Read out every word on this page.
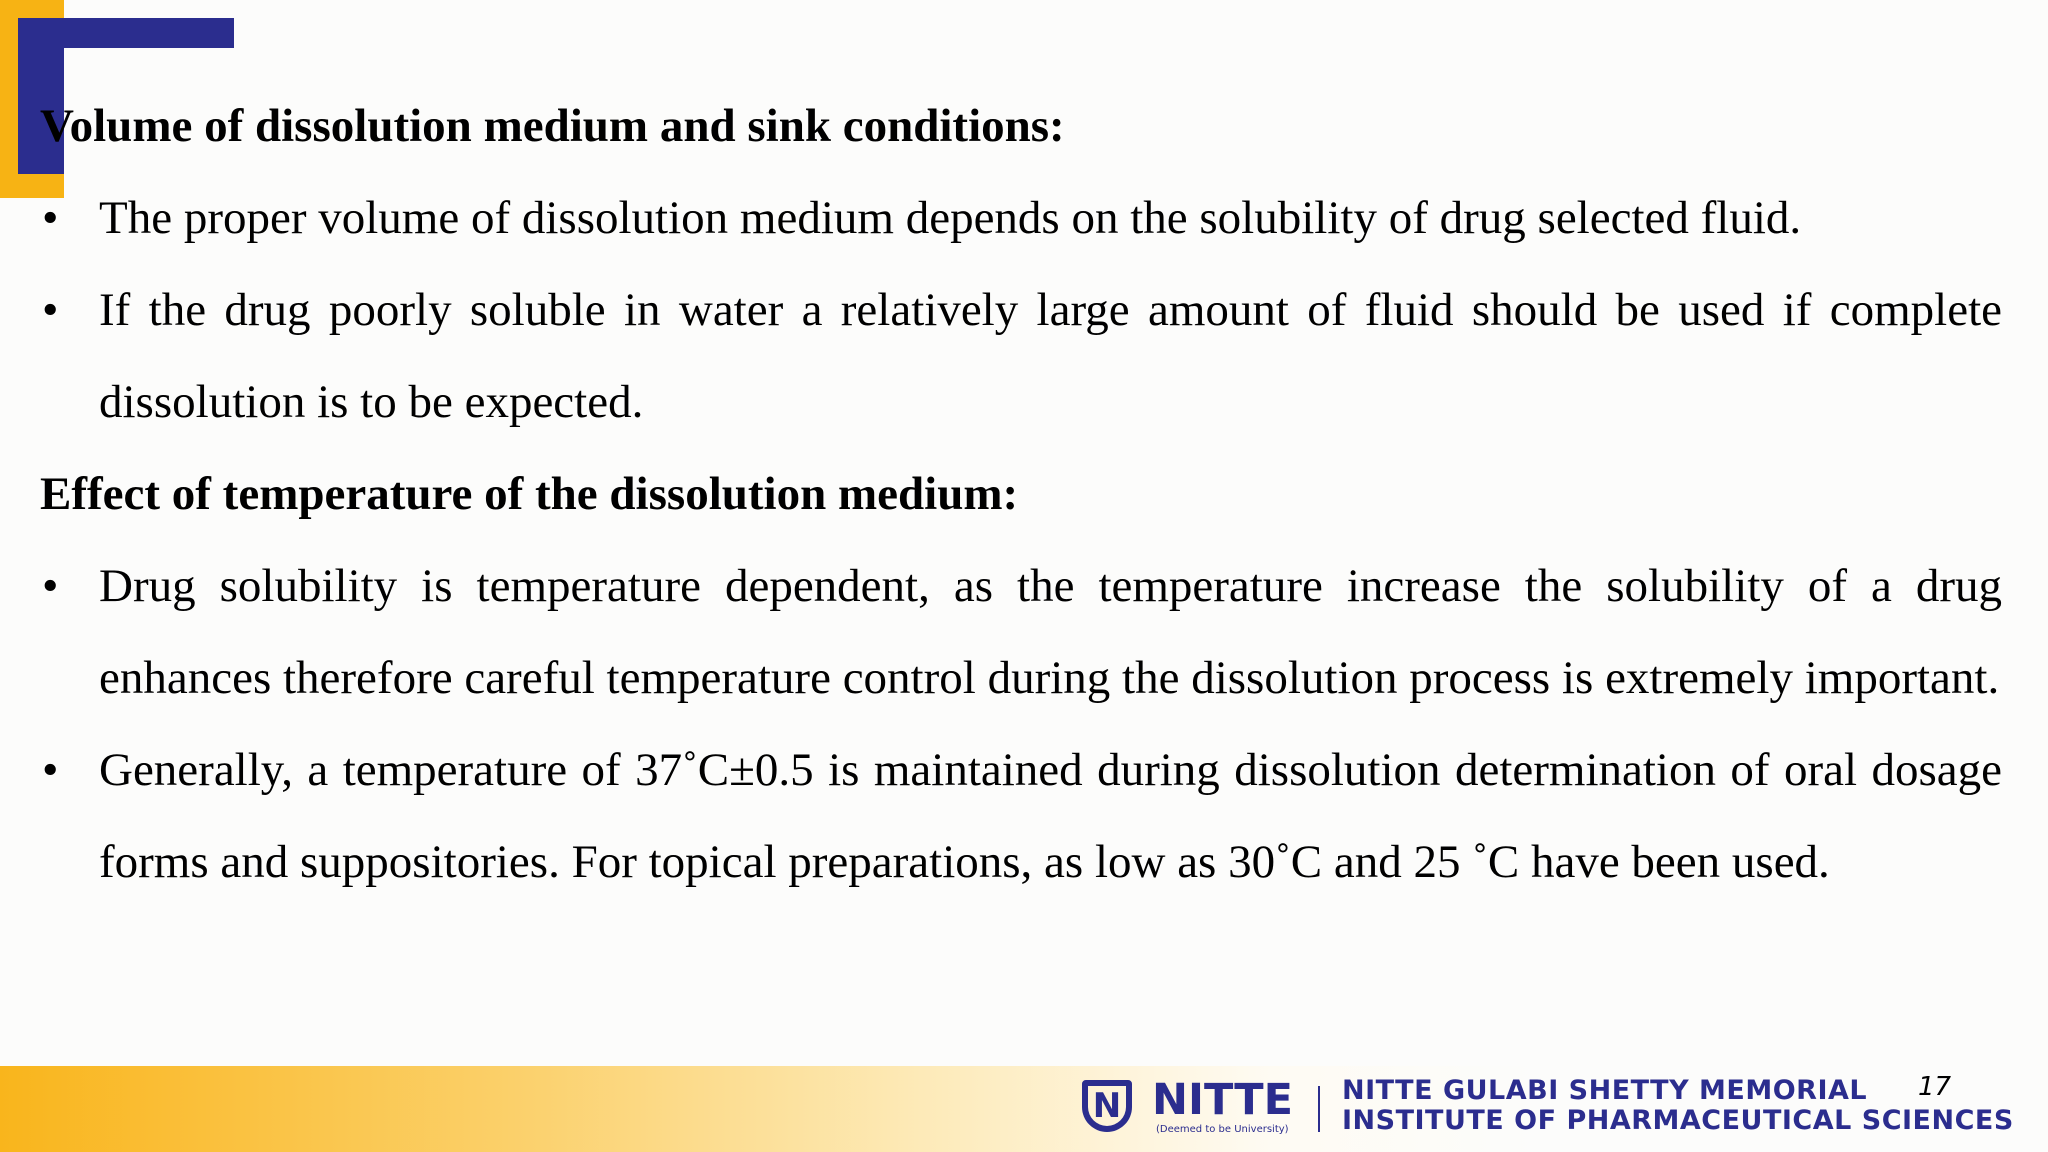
Volume of dissolution medium and sink conditions:
• The proper volume of dissolution medium depends on the solubility of drug selected fluid.
• If the drug poorly soluble in water a relatively large amount of fluid should be used if complete dissolution is to be expected.
Effect of temperature of the dissolution medium:
• Drug solubility is temperature dependent, as the temperature increase the solubility of a drug enhances therefore careful temperature control during the dissolution process is extremely important.
• Generally, a temperature of 37˚C±0.5 is maintained during dissolution determination of oral dosage forms and suppositories. For topical preparations, as low as 30˚C and 25 ˚C have been used.
N NITTE
(Deemed to be University)
NITTE GULABI SHETTY MEMORIAL
INSTITUTE OF PHARMACEUTICAL SCIENCES
17
